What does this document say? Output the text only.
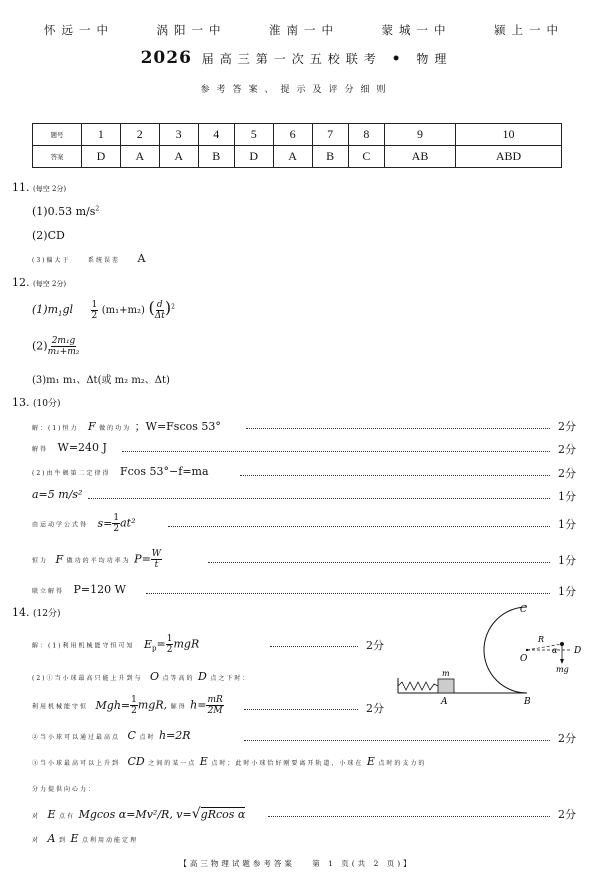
怀远一中	涡阳一中	淮南一中	蒙城一中	颍上一中
2026 届高三第一次五校联考 • 物理
参考答案、提示及评分细则
题号	1	2	3	4	5	6	7	8	9	10
答案	D	A	A	B	D	A	B	C	AB	ABD
11. (每空 2分)
(1)0.53 $m/s^2$
(2)CD
(3)偏大于	系统误差 A
12. (每空 2分)
$(1)m_1gl \frac{1}{2} (m_1+m_2)$ ( $\frac{d}{\Delta t} )^2$
$(2) \frac{\text{2m₁g}}{\text{m₁+m₂}}$
(3)m₁ m₁、Δt(或 m₂ m₂、Δt)
13. (10分)
解：(1)恒力 F 做的功为 ；W=Fscos 53°	2分
解得 W=240 J	2分
(2)由牛顿第二定律得 Fcos 53°−f=ma	2分
a=5 m/s²	1分
由运动学公式得 $s= \frac{1}{2} at^2$	1分
恒力 F 做功的平均功率为 $P= \frac{W}{t}$	1分
联立解得 P=120 W	1分
14. (12分)
解：(1)利用机械能守恒可知 $E_p= \frac{1}{2}$ mgR	2分
(2)①当小球最高只能上升到与 O 点等高的 D 点之下时：
利用机械能守恒 $Mgh= \frac{1}{2}$ mgR, 解得 $h= \frac{mR}{2M}$	2分
②当小球可以通过最高点 C 点时 h=2R	2分
③当小球最高可以上升到 CD 之间的某一点 E 点时；此时小球恰好刚要离开轨道，小球在 E 点时的支力的
分力提供向心力：
对 E 点有 Mgcos α=Mv²/R, v=√gRcos α	2分
对 A 到 E 点利用动能定理
C
O
R
α
mg
D
m
A	B
【高三物理试题参考答案 第 1 页(共 2 页)】
